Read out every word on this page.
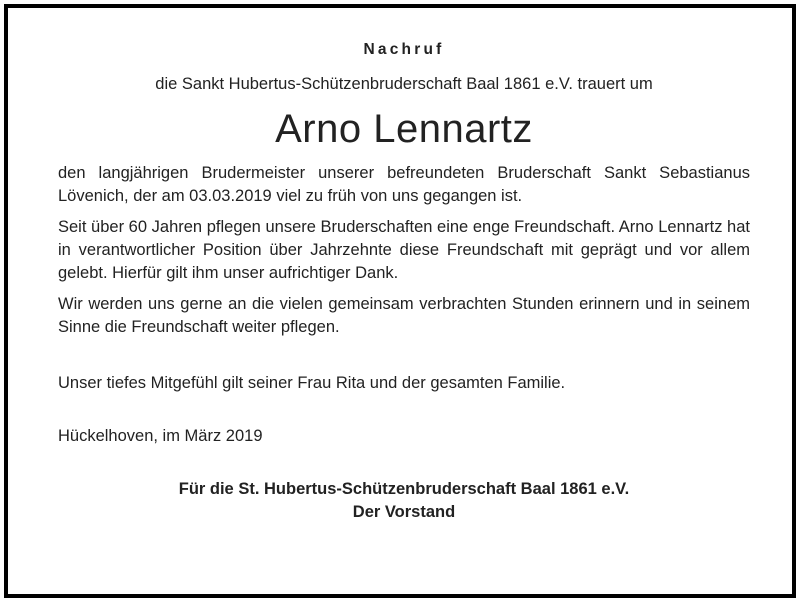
Nachruf
die Sankt Hubertus-Schützenbruderschaft Baal 1861 e.V. trauert um
Arno Lennartz

den langjährigen Brudermeister unserer befreundeten Bruderschaft Sankt Sebastianus Lövenich, der am 03.03.2019 viel zu früh von uns gegangen ist.

Seit über 60 Jahren pflegen unsere Bruderschaften eine enge Freundschaft. Arno Lennartz hat in verantwortlicher Position über Jahrzehnte diese Freundschaft mit geprägt und vor allem gelebt. Hierfür gilt ihm unser aufrichtiger Dank.

Wir werden uns gerne an die vielen gemeinsam verbrachten Stunden erinnern und in seinem Sinne die Freundschaft weiter pflegen.

Unser tiefes Mitgefühl gilt seiner Frau Rita und der gesamten Familie.

Hückelhoven, im März 2019
Für die St. Hubertus-Schützenbruderschaft Baal 1861 e.V.
Der Vorstand
